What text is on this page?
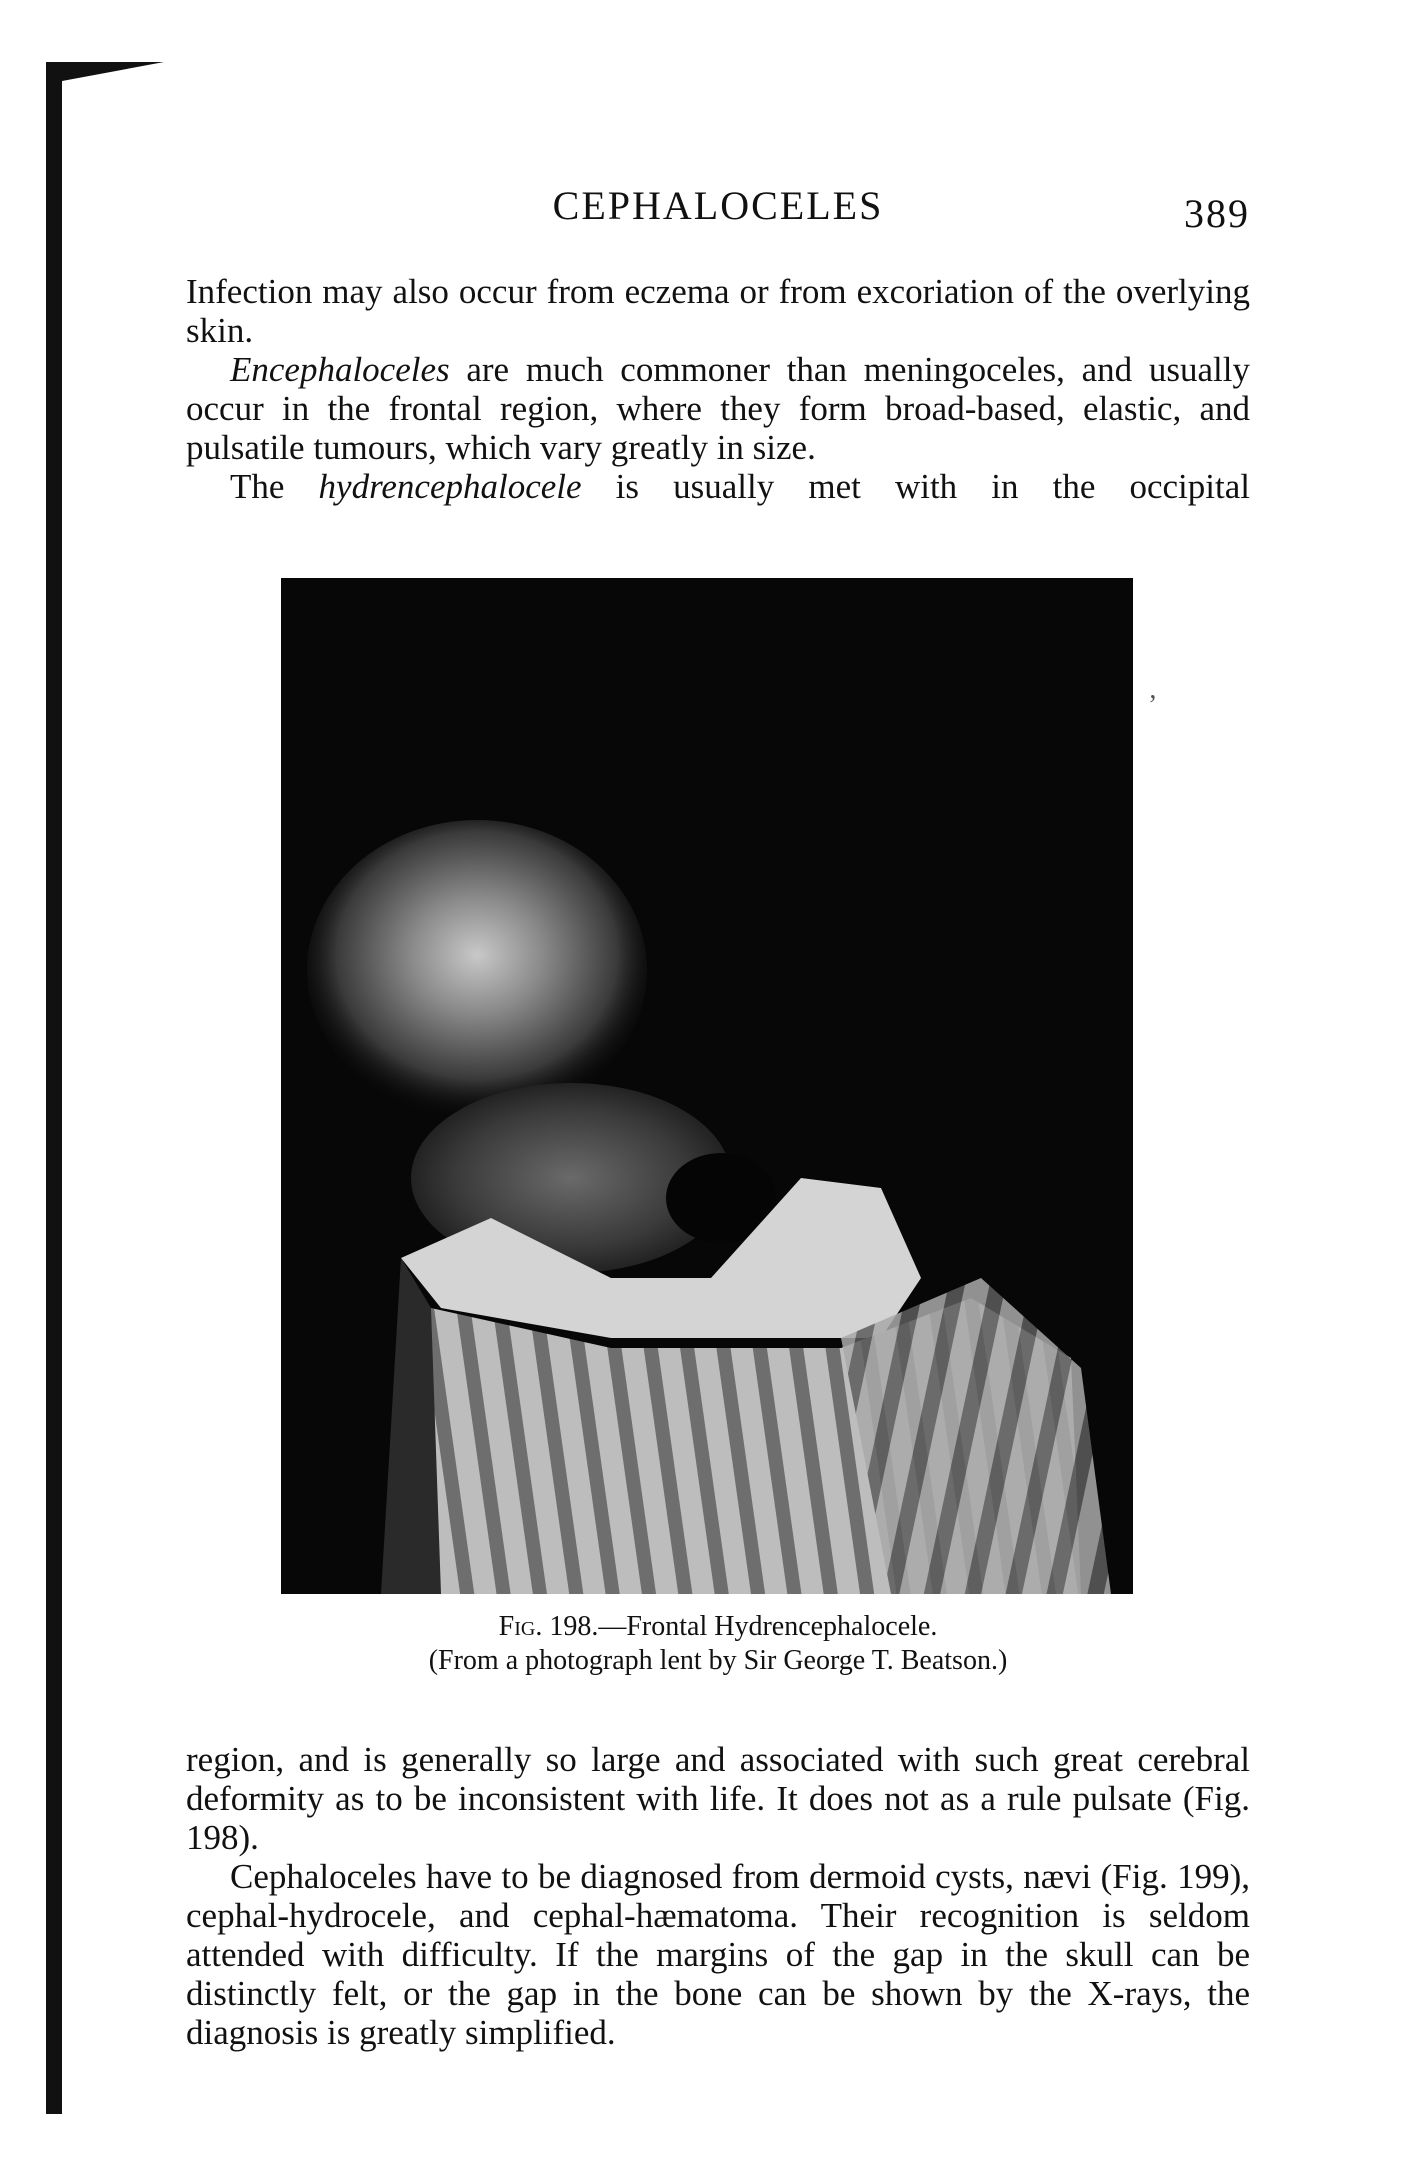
CEPHALOCELES	389

Infection may also occur from eczema or from excoriation of the overlying skin.

Encephaloceles are much commoner than meningoceles, and usually occur in the frontal region, where they form broad-based, elastic, and pulsatile tumours, which vary greatly in size.

The hydrencephalocele is usually met with in the occipital

’
Fig. 198.—Frontal Hydrencephalocele.
(From a photograph lent by Sir George T. Beatson.)

region, and is generally so large and associated with such great cerebral deformity as to be inconsistent with life. It does not as a rule pulsate (Fig. 198).

Cephaloceles have to be diagnosed from dermoid cysts, nævi (Fig. 199), cephal-hydrocele, and cephal-hæmatoma. Their recognition is seldom attended with difficulty. If the margins of the gap in the skull can be distinctly felt, or the gap in the bone can be shown by the X-rays, the diagnosis is greatly simplified.
